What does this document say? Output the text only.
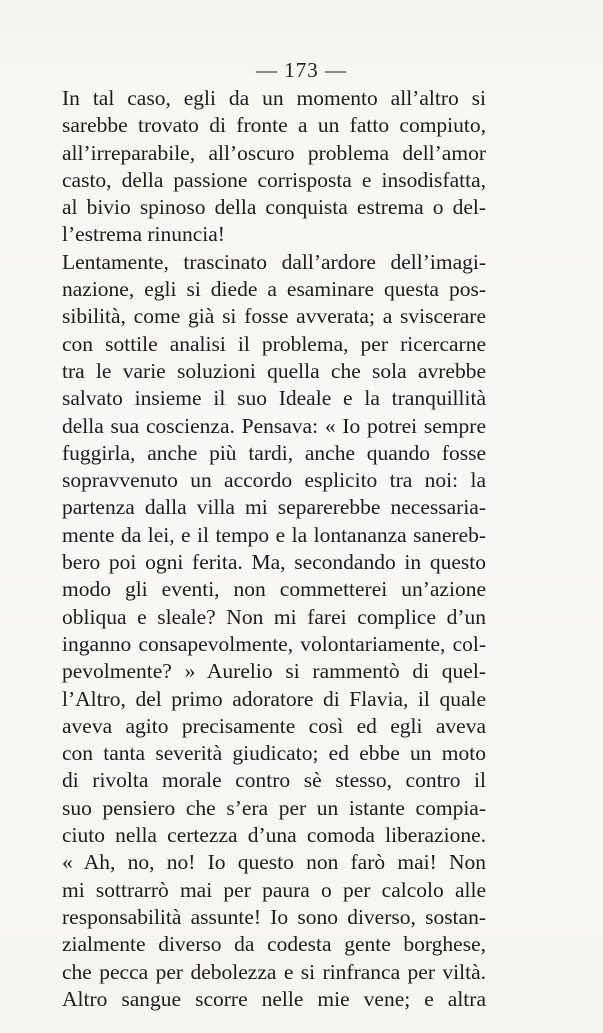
— 173 —
In tal caso, egli da un momento all’altro si
sarebbe trovato di fronte a un fatto compiuto,
all’irreparabile, all’oscuro problema dell’amor
casto, della passione corrisposta e insodisfatta,
al bivio spinoso della conquista estrema o del-
l’estrema rinuncia!
Lentamente, trascinato dall’ardore dell’imagi-
nazione, egli si diede a esaminare questa pos-
sibilità, come già si fosse avverata; a sviscerare
con sottile analisi il problema, per ricercarne
tra le varie soluzioni quella che sola avrebbe
salvato insieme il suo Ideale e la tranquillità
della sua coscienza. Pensava: « Io potrei sempre
fuggirla, anche più tardi, anche quando fosse
sopravvenuto un accordo esplicito tra noi: la
partenza dalla villa mi separerebbe necessaria-
mente da lei, e il tempo e la lontananza sanereb-
bero poi ogni ferita. Ma, secondando in questo
modo gli eventi, non commetterei un’azione
obliqua e sleale? Non mi farei complice d’un
inganno consapevolmente, volontariamente, col-
pevolmente? » Aurelio si rammentò di quel-
l’Altro, del primo adoratore di Flavia, il quale
aveva agito precisamente così ed egli aveva
con tanta severità giudicato; ed ebbe un moto
di rivolta morale contro sè stesso, contro il
suo pensiero che s’era per un istante compia-
ciuto nella certezza d’una comoda liberazione.
« Ah, no, no! Io questo non farò mai! Non
mi sottrarrò mai per paura o per calcolo alle
responsabilità assunte! Io sono diverso, sostan-
zialmente diverso da codesta gente borghese,
che pecca per debolezza e si rinfranca per viltà.
Altro sangue scorre nelle mie vene; e altra
